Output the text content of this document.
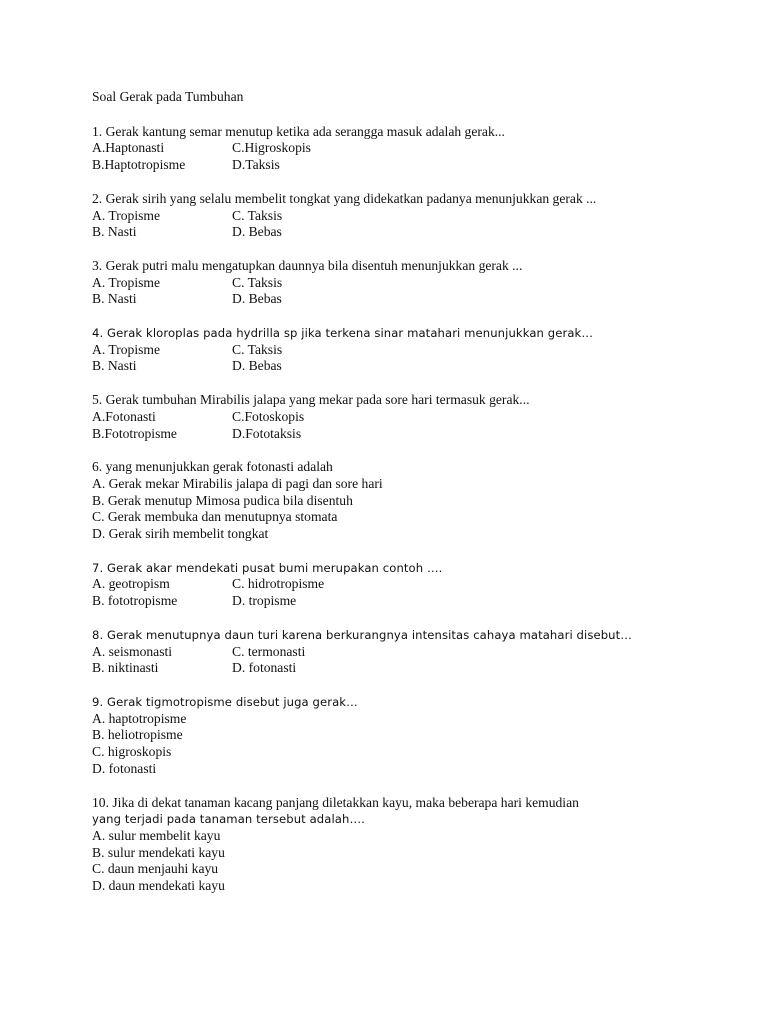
Soal Gerak pada Tumbuhan
1. Gerak kantung semar menutup ketika ada serangga masuk adalah gerak...
A.Haptonasti	C.Higroskopis
B.Haptotropisme	D.Taksis
2. Gerak sirih yang selalu membelit tongkat yang didekatkan padanya menunjukkan gerak ...
A. Tropisme	C. Taksis
B. Nasti	D. Bebas
3. Gerak putri malu mengatupkan daunnya bila disentuh menunjukkan gerak ...
A. Tropisme	C. Taksis
B. Nasti	D. Bebas
4. Gerak kloroplas pada hydrilla sp jika terkena sinar matahari menunjukkan gerak…
A. Tropisme	C. Taksis
B. Nasti	D. Bebas
5. Gerak tumbuhan Mirabilis jalapa yang mekar pada sore hari termasuk gerak...
A.Fotonasti	C.Fotoskopis
B.Fototropisme	D.Fototaksis
6. yang menunjukkan gerak fotonasti adalah
A. Gerak mekar Mirabilis jalapa di pagi dan sore hari
B. Gerak menutup Mimosa pudica bila disentuh
C. Gerak membuka dan menutupnya stomata
D. Gerak sirih membelit tongkat
7. Gerak akar mendekati pusat bumi merupakan contoh ….
A. geotropism	C. hidrotropisme
B. fototropisme	D. tropisme
8. Gerak menutupnya daun turi karena berkurangnya intensitas cahaya matahari disebut…
A. seismonasti	C. termonasti
B. niktinasti	D. fotonasti
9. Gerak tigmotropisme disebut juga gerak…
A. haptotropisme
B. heliotropisme
C. higroskopis
D. fotonasti
10. Jika di dekat tanaman kacang panjang diletakkan kayu, maka beberapa hari kemudian
yang terjadi pada tanaman tersebut adalah….
A. sulur membelit kayu
B. sulur mendekati kayu
C. daun menjauhi kayu
D. daun mendekati kayu
